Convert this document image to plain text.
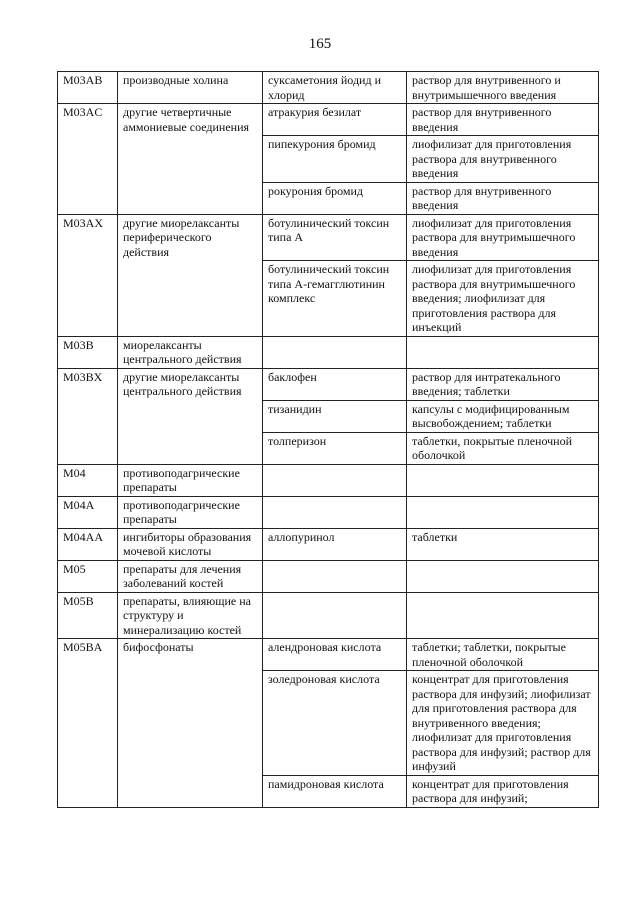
165
M03AB	производные холина	суксаметония йодид и хлорид	раствор для внутривенного и внутримышечного введения
M03AC	другие четвертичные аммониевые соединения	атракурия безилат	раствор для внутривенного введения
		пипекурония бромид	лиофилизат для приготовления раствора для внутривенного введения
		рокурония бромид	раствор для внутривенного введения
M03AX	другие миорелаксанты периферического действия	ботулинический токсин типа А	лиофилизат для приготовления раствора для внутримышечного введения
		ботулинический токсин типа А-гемагглютинин комплекс	лиофилизат для приготовления раствора для внутримышечного введения; лиофилизат для приготовления раствора для инъекций
M03B	миорелаксанты центрального действия		
M03BX	другие миорелаксанты центрального действия	баклофен	раствор для интратекального введения; таблетки
		тизанидин	капсулы с модифицированным высвобождением; таблетки
		толперизон	таблетки, покрытые пленочной оболочкой
M04	противоподагрические препараты		
M04A	противоподагрические препараты		
M04AA	ингибиторы образования мочевой кислоты	аллопуринол	таблетки
M05	препараты для лечения заболеваний костей		
M05B	препараты, влияющие на структуру и минерализацию костей		
M05BA	бифосфонаты	алендроновая кислота	таблетки; таблетки, покрытые пленочной оболочкой
		золедроновая кислота	концентрат для приготовления раствора для инфузий; лиофилизат для приготовления раствора для внутривенного введения; лиофилизат для приготовления раствора для инфузий; раствор для инфузий
		памидроновая кислота	концентрат для приготовления раствора для инфузий;
